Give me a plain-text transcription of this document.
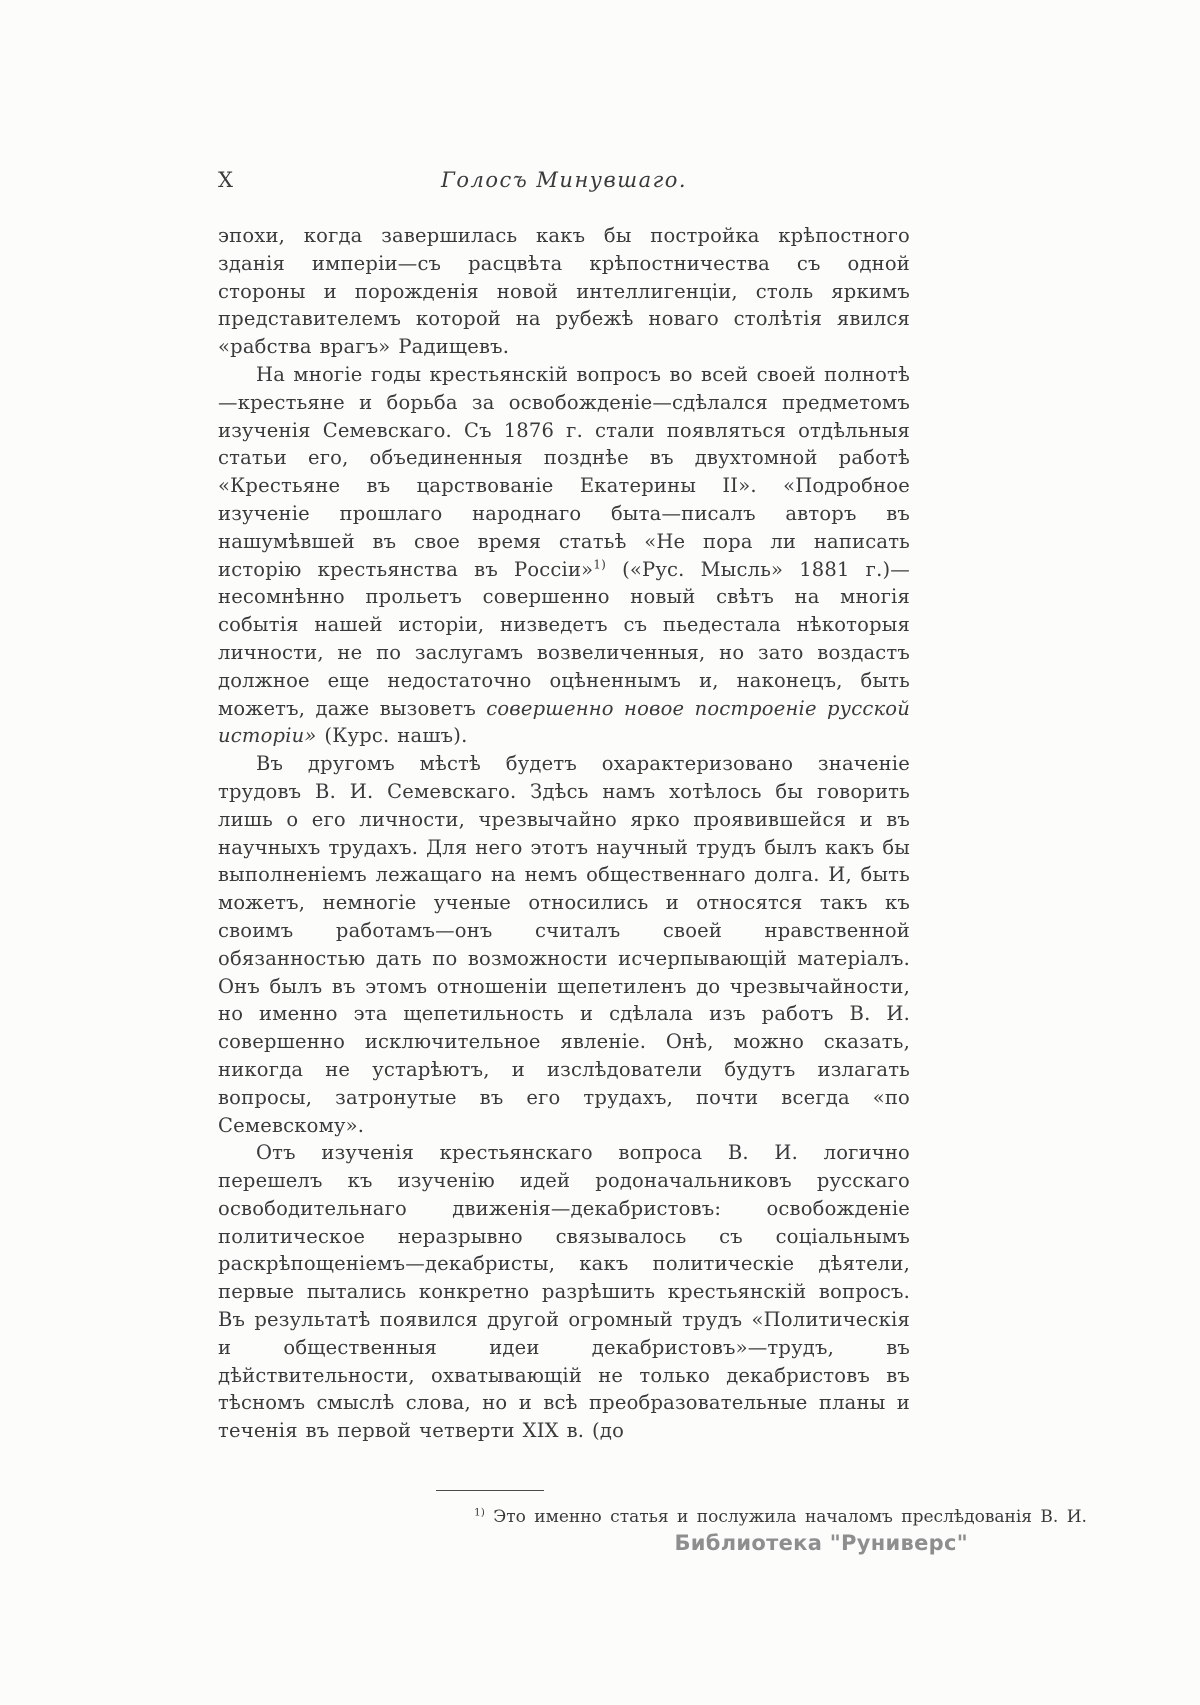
X	Голосъ Минувшаго.

эпохи, когда завершилась какъ бы постройка крѣпостного зданія имперіи—съ расцвѣта крѣпостничества съ одной стороны и порожденія новой интеллигенціи, столь яркимъ представителемъ которой на рубежѣ новаго столѣтія явился «рабства врагъ» Радищевъ.

На многіе годы крестьянскій вопросъ во всей своей полнотѣ—крестьяне и борьба за освобожденіе—сдѣлался предметомъ изученія Семевскаго. Съ 1876 г. стали появляться отдѣльныя статьи его, объединенныя позднѣе въ двухтомной работѣ «Крестьяне въ царствованіе Екатерины II». «Подробное изученіе прошлаго народнаго быта—писалъ авторъ въ нашумѣвшей въ свое время статьѣ «Не пора ли написать исторію крестьянства въ Россіи»$^{1)}$ («Рус. Мысль» 1881 г.)—несомнѣнно прольетъ совершенно новый свѣтъ на многія событія нашей исторіи, низведетъ съ пьедестала нѣкоторыя личности, не по заслугамъ возвеличенныя, но зато воздастъ должное еще недостаточно оцѣненнымъ и, наконецъ, быть можетъ, даже вызоветъ совершенно новое построеніе русской исторіи» (Курс. нашъ).

Въ другомъ мѣстѣ будетъ охарактеризовано значеніе трудовъ В. И. Семевскаго. Здѣсь намъ хотѣлось бы говорить лишь о его личности, чрезвычайно ярко проявившейся и въ научныхъ трудахъ. Для него этотъ научный трудъ былъ какъ бы выполненіемъ лежащаго на немъ общественнаго долга. И, быть можетъ, немногіе ученые относились и относятся такъ къ своимъ работамъ—онъ считалъ своей нравственной обязанностью дать по возможности исчерпывающій матеріалъ. Онъ былъ въ этомъ отношеніи щепетиленъ до чрезвычайности, но именно эта щепетильность и сдѣлала изъ работъ В. И. совершенно исключительное явленіе. Онѣ, можно сказать, никогда не устарѣютъ, и изслѣдователи будутъ излагать вопросы, затронутые въ его трудахъ, почти всегда «по Семевскому».

Отъ изученія крестьянскаго вопроса В. И. логично перешелъ къ изученію идей родоначальниковъ русскаго освободительнаго движенія—декабристовъ: освобожденіе политическое неразрывно связывалось съ соціальнымъ раскрѣпощеніемъ—декабристы, какъ политическіе дѣятели, первые пытались конкретно разрѣшить крестьянскій вопросъ. Въ результатѣ появился другой огромный трудъ «Политическія и общественныя идеи декабристовъ»—трудъ, въ дѣйствительности, охватывающій не только декабристовъ въ тѣсномъ смыслѣ слова, но и всѣ преобразовательные планы и теченія въ первой четверти XIX в. (до

$^{1)}$ Это именно статья и послужила началомъ преслѣдованія В. И.

Библиотека "Руниверс"
